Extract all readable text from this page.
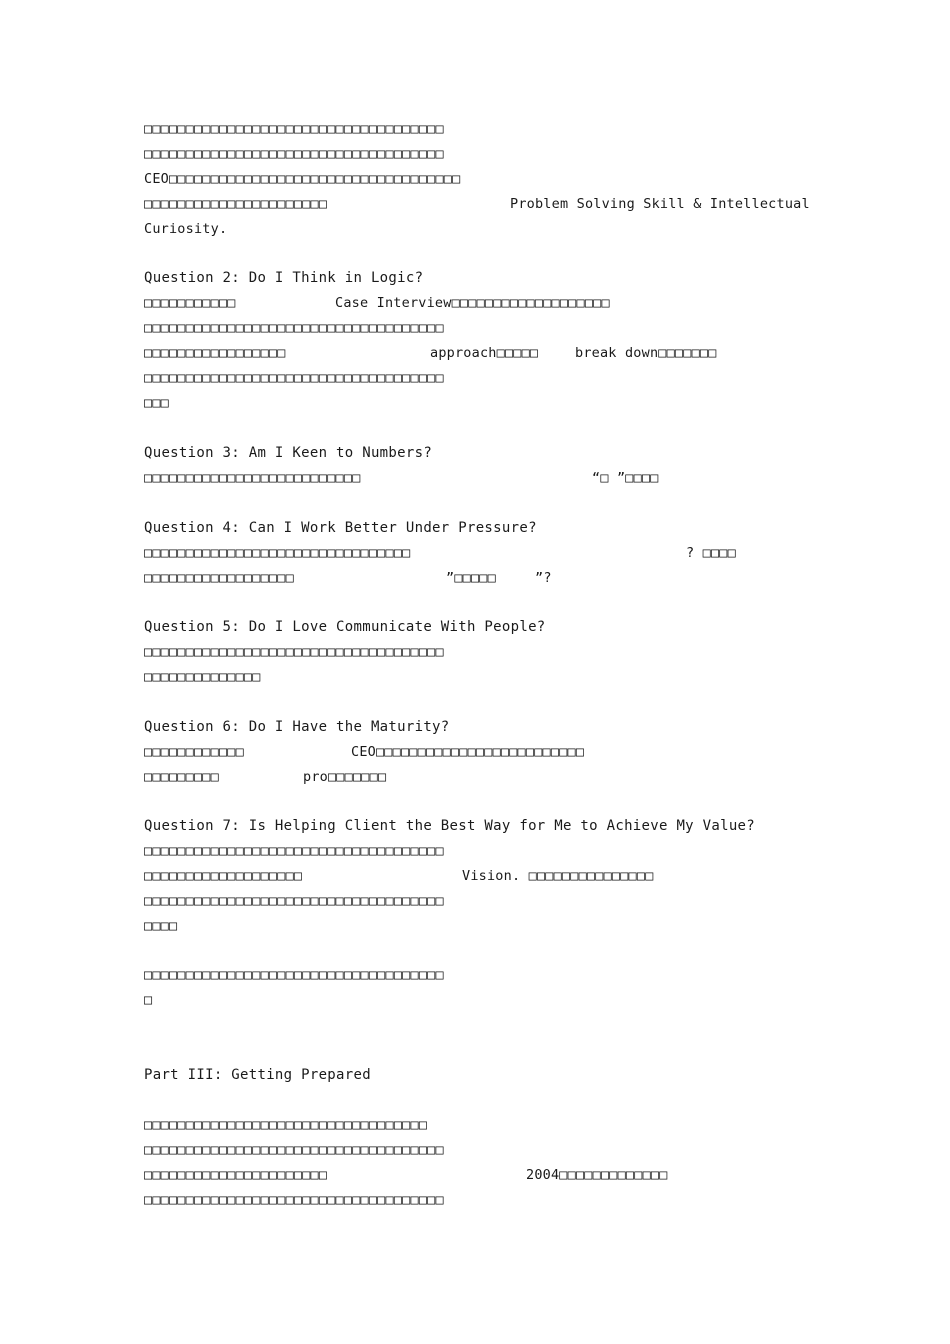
□□□□□□□□□□□□□□□□□□□□□□□□□□□□□□□□□□□□
□□□□□□□□□□□□□□□□□□□□□□□□□□□□□□□□□□□□
CEO□□□□□□□□□□□□□□□□□□□□□□□□□□□□□□□□□□□
□□□□□□□□□□□□□□□□□□□□□□	Problem Solving Skill & Intellectual
Curiosity.
Question 2: Do I Think in Logic?
□□□□□□□□□□□	Case Interview□□□□□□□□□□□□□□□□□□□
□□□□□□□□□□□□□□□□□□□□□□□□□□□□□□□□□□□□
□□□□□□□□□□□□□□□□□	approach□□□□□	break down□□□□□□□
□□□□□□□□□□□□□□□□□□□□□□□□□□□□□□□□□□□□
□□□
Question 3: Am I Keen to Numbers?
□□□□□□□□□□□□□□□□□□□□□□□□□□	“□ ”□□□□
Question 4: Can I Work Better Under Pressure?
□□□□□□□□□□□□□□□□□□□□□□□□□□□□□□□□	? □□□□
□□□□□□□□□□□□□□□□□□	”□□□□□	”?
Question 5: Do I Love Communicate With People?
□□□□□□□□□□□□□□□□□□□□□□□□□□□□□□□□□□□□
□□□□□□□□□□□□□□
Question 6: Do I Have the Maturity?
□□□□□□□□□□□□	CEO□□□□□□□□□□□□□□□□□□□□□□□□□
□□□□□□□□□	pro□□□□□□□
Question 7: Is Helping Client the Best Way for Me to Achieve My Value?
□□□□□□□□□□□□□□□□□□□□□□□□□□□□□□□□□□□□
□□□□□□□□□□□□□□□□□□□	Vision. □□□□□□□□□□□□□□□
□□□□□□□□□□□□□□□□□□□□□□□□□□□□□□□□□□□□
□□□□
□□□□□□□□□□□□□□□□□□□□□□□□□□□□□□□□□□□□
□
Part III: Getting Prepared
□□□□□□□□□□□□□□□□□□□□□□□□□□□□□□□□□□
□□□□□□□□□□□□□□□□□□□□□□□□□□□□□□□□□□□□
□□□□□□□□□□□□□□□□□□□□□□	2004□□□□□□□□□□□□□
□□□□□□□□□□□□□□□□□□□□□□□□□□□□□□□□□□□□
